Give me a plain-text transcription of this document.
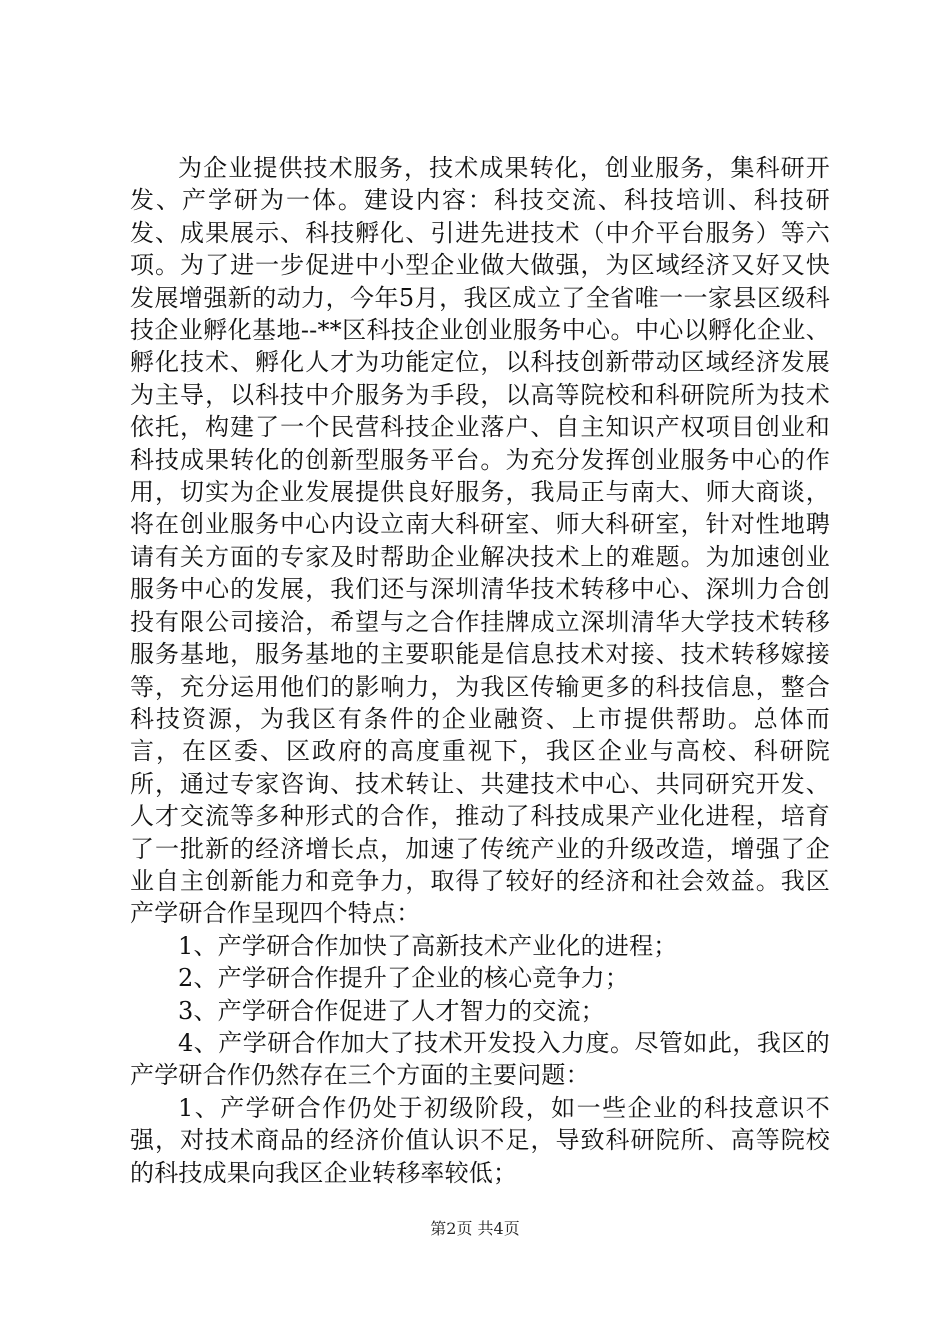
为企业提供技术服务，技术成果转化，创业服务，集科研开发、产学研为一体。建设内容：科技交流、科技培训、科技研发、成果展示、科技孵化、引进先进技术（中介平台服务）等六项。为了进一步促进中小型企业做大做强，为区域经济又好又快发展增强新的动力，今年5月，我区成立了全省唯一一家县区级科技企业孵化基地--**区科技企业创业服务中心。中心以孵化企业、孵化技术、孵化人才为功能定位，以科技创新带动区域经济发展为主导，以科技中介服务为手段，以高等院校和科研院所为技术依托，构建了一个民营科技企业落户、自主知识产权项目创业和科技成果转化的创新型服务平台。为充分发挥创业服务中心的作用，切实为企业发展提供良好服务，我局正与南大、师大商谈，将在创业服务中心内设立南大科研室、师大科研室，针对性地聘请有关方面的专家及时帮助企业解决技术上的难题。为加速创业服务中心的发展，我们还与深圳清华技术转移中心、深圳力合创投有限公司接洽，希望与之合作挂牌成立深圳清华大学技术转移服务基地，服务基地的主要职能是信息技术对接、技术转移嫁接等，充分运用他们的影响力，为我区传输更多的科技信息，整合科技资源，为我区有条件的企业融资、上市提供帮助。总体而言，在区委、区政府的高度重视下，我区企业与高校、科研院所，通过专家咨询、技术转让、共建技术中心、共同研究开发、人才交流等多种形式的合作，推动了科技成果产业化进程，培育了一批新的经济增长点，加速了传统产业的升级改造，增强了企业自主创新能力和竞争力，取得了较好的经济和社会效益。我区产学研合作呈现四个特点：

1、产学研合作加快了高新技术产业化的进程；

2、产学研合作提升了企业的核心竞争力；

3、产学研合作促进了人才智力的交流；

4、产学研合作加大了技术开发投入力度。尽管如此，我区的产学研合作仍然存在三个方面的主要问题：

1、产学研合作仍处于初级阶段，如一些企业的科技意识不强，对技术商品的经济价值认识不足，导致科研院所、高等院校的科技成果向我区企业转移率较低；

第2页 共4页
